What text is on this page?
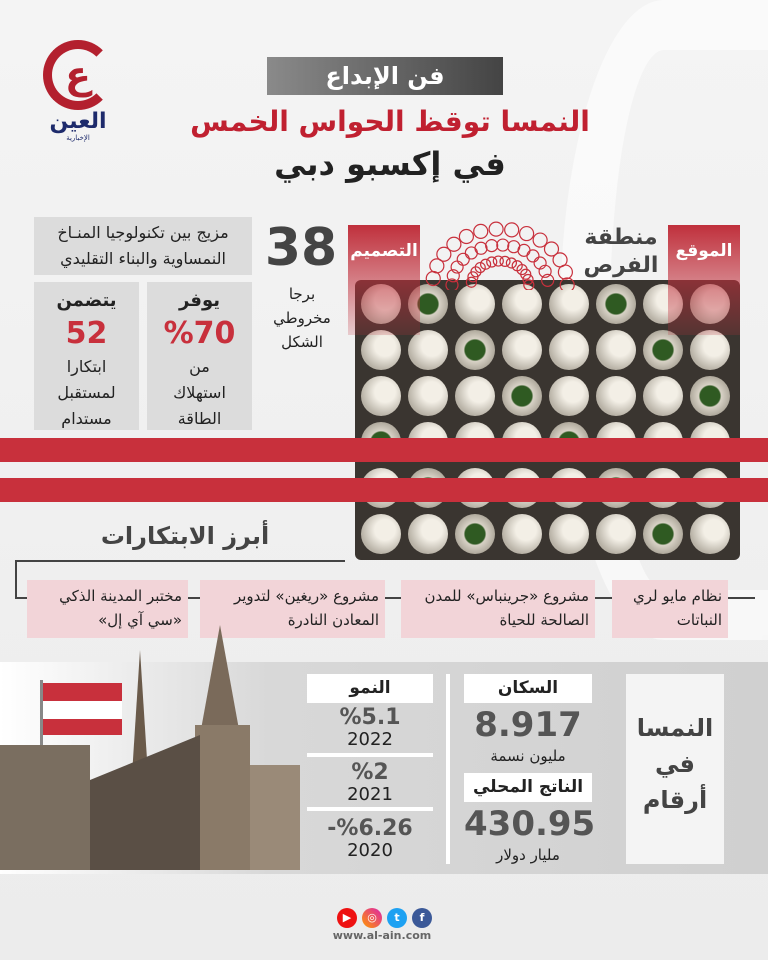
ع
العين
الإخبارية
فن الإبداع
النمسا توقظ الحواس الخمس
في إكسبو دبي
مزيج بين تكنولوجيا المنـاخ النمساوية والبناء التقليدي
يوفر
%70
من
استهلاك
الطاقة
يتضمن
52
ابتكارا
لمستقبل
مستدام
38
برجا
مخروطي
الشكل
التصميم	الموقع
منطقة الفرص
أبرز الابتكارات
نظام مايو لري النباتات
مشروع «جرينباس» للمدن الصالحة للحياة
مشروع «ريغين» لتدوير المعادن النادرة
مختبر المدينة الذكي «سي آي إل»
النمسا في أرقام
السكان
8.917
مليون نسمة
الناتج المحلي
430.95
مليار دولار
النمو
%5.1
2022
%2
2021
-%6.26
2020
▶	◎	t	f
www.al-ain.com
